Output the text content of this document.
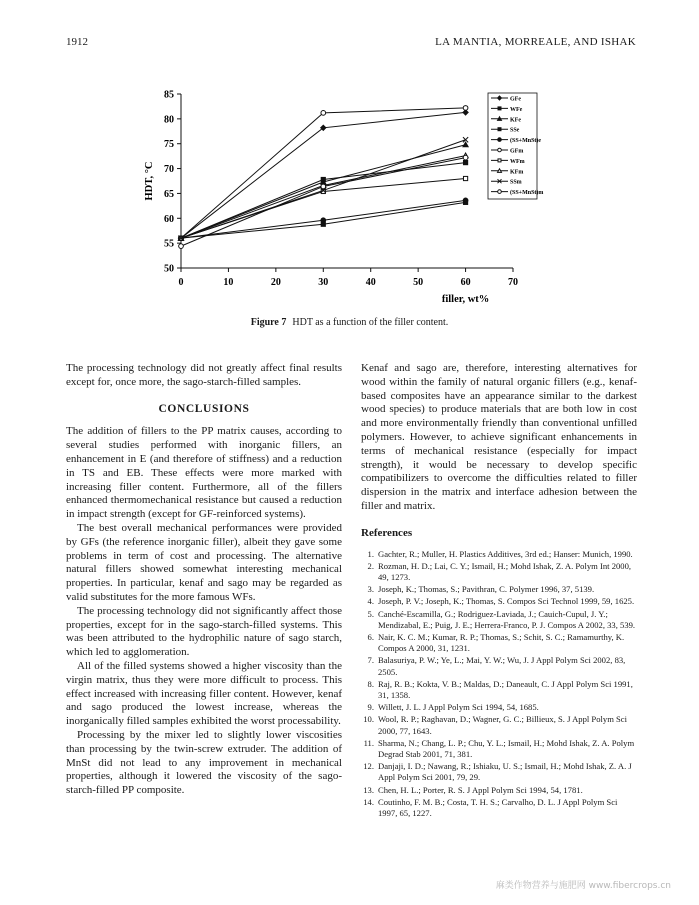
1912	LA MANTIA, MORREALE, AND ISHAK
50
55
60
65
70
75
80
85
0	10	20	30	40	50	60	70
HDT, °C
filler, wt%
GFe
WFe
KFe
SSe
(SS+MnSt)e
GFm
WFm
KFm
SSm
(SS+MnSt)m
Figure 7 HDT as a function of the filler content.

The processing technology did not greatly affect final results except for, once more, the sago-starch-filled samples.

CONCLUSIONS

The addition of fillers to the PP matrix causes, according to several studies performed with inorganic fillers, an enhancement in E (and therefore of stiffness) and a reduction in TS and EB. These effects were more marked with increasing filler content. Furthermore, all of the fillers enhanced thermomechanical resistance but caused a reduction in impact strength (except for GF-reinforced systems).

The best overall mechanical performances were provided by GFs (the reference inorganic filler), albeit they gave some problems in term of cost and processing. The alternative natural fillers showed somewhat interesting mechanical properties. In particular, kenaf and sago may be regarded as valid substitutes for the more famous WFs.

The processing technology did not significantly affect those properties, except for in the sago-starch-filled systems. This was been attributed to the hydrophilic nature of sago starch, which led to agglomeration.

All of the filled systems showed a higher viscosity than the virgin matrix, thus they were more difficult to process. This effect increased with increasing filler content. However, kenaf and sago produced the lowest increase, whereas the inorganically filled samples exhibited the worst processability.

Processing by the mixer led to slightly lower viscosities than processing by the twin-screw extruder. The addition of MnSt did not lead to any improvement in mechanical properties, although it lowered the viscosity of the sago-starch-filled PP composite.

Kenaf and sago are, therefore, interesting alternatives for wood within the family of natural organic fillers (e.g., kenaf-based composites have an appearance similar to the darkest wood species) to produce materials that are both low in cost and more environmentally friendly than conventional unfilled polymers. However, to achieve significant enhancements in terms of mechanical resistance (especially for impact strength), it would be necessary to develop specific compatibilizers to overcome the difficulties related to filler dispersion in the matrix and interface adhesion between the filler and matrix.

References
1. Gachter, R.; Muller, H. Plastics Additives, 3rd ed.; Hanser: Munich, 1990.
2. Rozman, H. D.; Lai, C. Y.; Ismail, H.; Mohd Ishak, Z. A. Polym Int 2000, 49, 1273.
3. Joseph, K.; Thomas, S.; Pavithran, C. Polymer 1996, 37, 5139.
4. Joseph, P. V.; Joseph, K.; Thomas, S. Compos Sci Technol 1999, 59, 1625.
5. Canché-Escamilla, G.; Rodriguez-Laviada, J.; Cauich-Cupul, J. Y.; Mendizabal, E.; Puig, J. E.; Herrera-Franco, P. J. Compos A 2002, 33, 539.
6. Nair, K. C. M.; Kumar, R. P.; Thomas, S.; Schit, S. C.; Ramamurthy, K. Compos A 2000, 31, 1231.
7. Balasuriya, P. W.; Ye, L.; Mai, Y. W.; Wu, J. J Appl Polym Sci 2002, 83, 2505.
8. Raj, R. B.; Kokta, V. B.; Maldas, D.; Daneault, C. J Appl Polym Sci 1991, 31, 1358.
9. Willett, J. L. J Appl Polym Sci 1994, 54, 1685.
10. Wool, R. P.; Raghavan, D.; Wagner, G. C.; Billieux, S. J Appl Polym Sci 2000, 77, 1643.
11. Sharma, N.; Chang, L. P.; Chu, Y. L.; Ismail, H.; Mohd Ishak, Z. A. Polym Degrad Stab 2001, 71, 381.
12. Danjaji, I. D.; Nawang, R.; Ishiaku, U. S.; Ismail, H.; Mohd Ishak, Z. A. J Appl Polym Sci 2001, 79, 29.
13. Chen, H. L.; Porter, R. S. J Appl Polym Sci 1994, 54, 1781.
14. Coutinho, F. M. B.; Costa, T. H. S.; Carvalho, D. L. J Appl Polym Sci 1997, 65, 1227.
麻类作物营养与施肥网 www.fibercrops.cn
